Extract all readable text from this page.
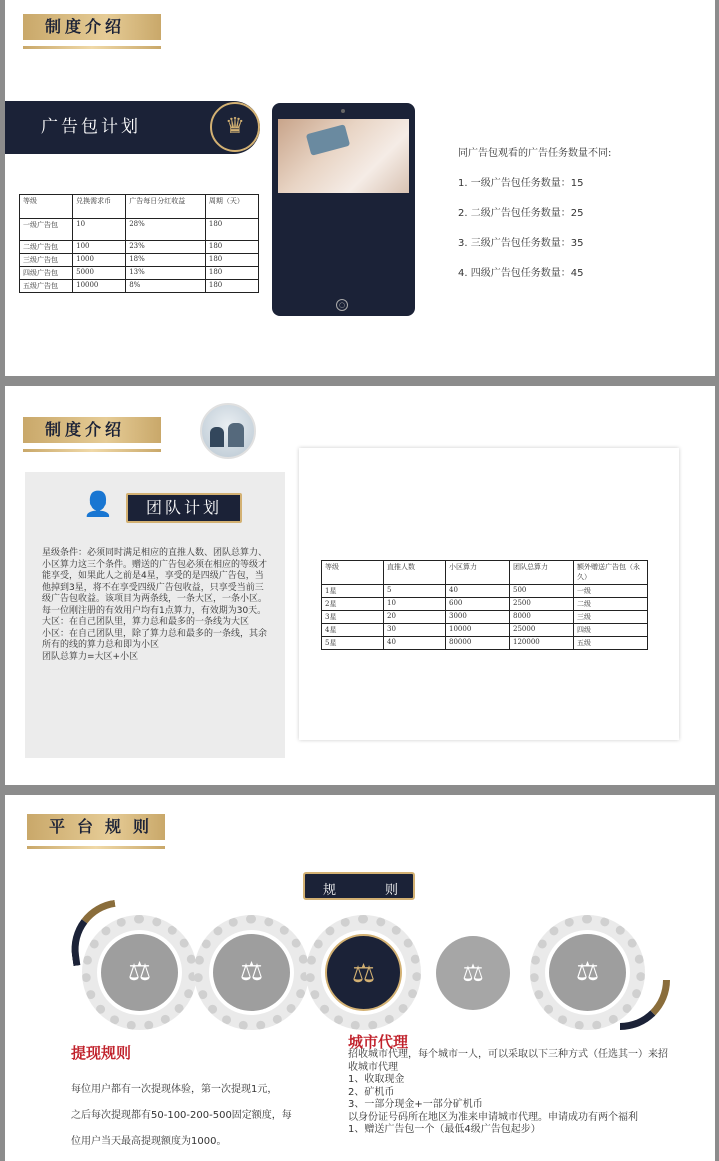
制度介绍
广告包计划	♛
等级	兑换需求币	广告每日分红收益	周期（天）
一级广告包	10	28%	180
二级广告包	100	23%	180
三级广告包	1000	18%	180
四级广告包	5000	13%	180
五级广告包	10000	8%	180
○
同广告包观看的广告任务数量不同:
1. 一级广告包任务数量：15
2. 二级广告包任务数量：25
3. 三级广告包任务数量：35
4. 四级广告包任务数量：45
制度介绍
👤	团队计划
星级条件：必须同时满足相应的直推人数、团队总算力、小区算力这三个条件。赠送的广告包必须在相应的等级才能享受，如果此人之前是4星，享受的是四级广告包，当他掉到3星，将不在享受四级广告包收益，只享受当前三级广告包收益。该项目为两条线，一条大区，一条小区。
每一位刚注册的有效用户均有1点算力，有效期为30天。
大区：在自己团队里，算力总和最多的一条线为大区
小区：在自己团队里，除了算力总和最多的一条线，其余所有的线的算力总和即为小区
团队总算力=大区+小区
等级	直推人数	小区算力	团队总算力	额外赠送广告包（永久）
1星	5	40	500	一级
2星	10	600	2500	二级
3星	20	3000	8000	三级
4星	30	10000	25000	四级
5星	40	80000	120000	五级
平台规则
规	则
⚖	⚖	⚖	⚖	⚖
提现规则
每位用户都有一次提现体验，第一次提现1元，
之后每次提现都有50-100-200-500固定额度，每
位用户当天最高提现额度为1000。
城市代理
招收城市代理，每个城市一人，可以采取以下三种方式（任选其一）来招收城市代理
1、收取现金
2、矿机币
3、一部分现金+一部分矿机币
以身份证号码所在地区为准来申请城市代理。申请成功有两个福利
1、赠送广告包一个（最低4级广告包起步）
